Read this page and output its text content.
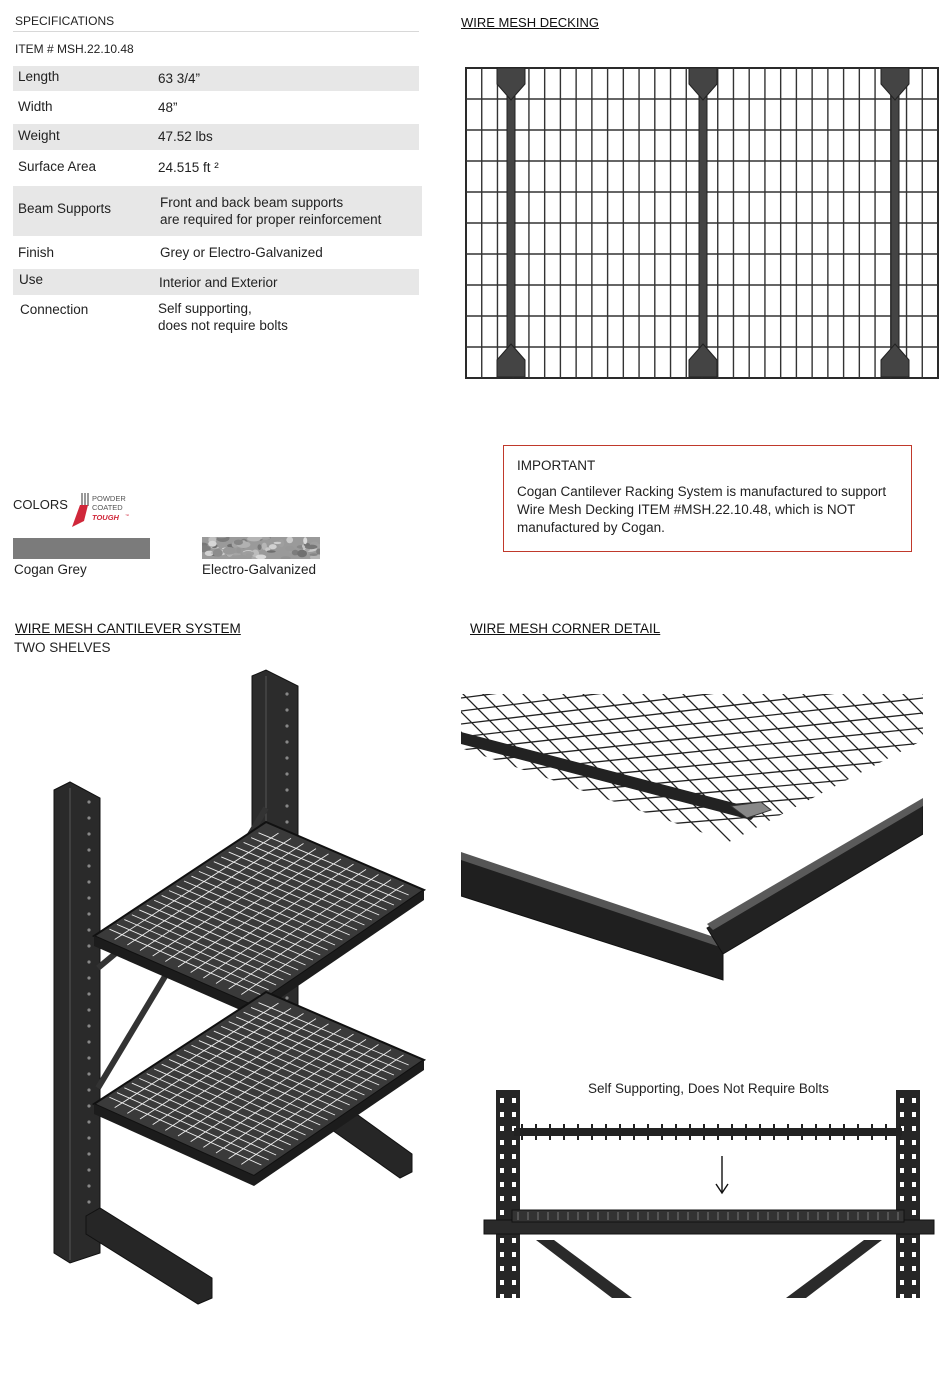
SPECIFICATIONS
ITEM # MSH.22.10.48
Length	63 3/4”
Width	48”
Weight	47.52 lbs
Surface Area	24.515 ft ²
Beam Supports	Front and back beam supports
are required for proper reinforcement
Finish	Grey or Electro-Galvanized
Use	Interior and Exterior
Connection	Self supporting,
does not require bolts
WIRE MESH DECKING
IMPORTANT
Cogan Cantilever Racking System is manufactured to support Wire Mesh Decking ITEM #MSH.22.10.48, which is NOT manufactured by Cogan.
COLORS	POWDER
COATED
TOUGH ™
Cogan Grey	Electro-Galvanized
WIRE MESH CANTILEVER SYSTEM
TWO SHELVES
WIRE MESH CORNER DETAIL
Self Supporting, Does Not Require Bolts
